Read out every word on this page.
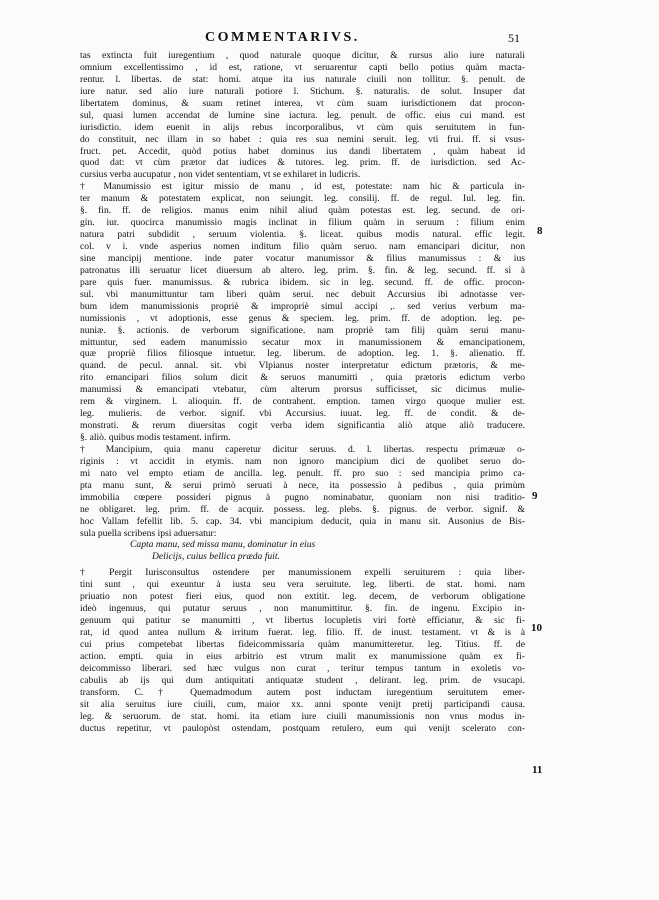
COMMENTARIVS.	51
tas extincta fuit iuregentium , quod naturale quoque dicitur, & rursus alio iure naturali
omnium excellentissimo , id est, ratione, vt seruarentur capti bello potius quàm macta-
rentur. l. libertas. de stat: homi. atque ita ius naturale ciuili non tollitur. §. penult. de
iure natur. sed alio iure naturali potiore l. Stichum. §. naturalis. de solut. Insuper dat
libertatem dominus, & suam retinet interea, vt cùm suam iurisdictionem dat procon-
sul, quasi lumen accendat de lumine sine iactura. leg. penult. de offic. eius cui mand. est
iurisdictio. idem euenit in alijs rebus incorporalibus, vt cùm quis seruitutem in fun-
do constituit, nec illam in so habet : quia res sua nemini seruit. leg. vti frui. ff. si vsus-
fruct. pet. Accedit, quòd potius habet dominus ius dandi libertatem , quàm habeat id
quod dat: vt cùm prætor dat iudices & tutores. leg. prim. ff. de iurisdiction. sed Ac-
cursius verba aucupatur , non videt sententiam, vt se exhilaret in ludicris.
† Manumissio est igitur missio de manu , id est, potestate: nam hic & particula in-
ter manum & potestatem explicat, non seiungit. leg. consilij. ff. de regul. Iul. leg. fin.
§. fin. ff. de religios. manus enim nihil aliud quàm potestas est. leg. secund. de ori-
gin. iur. quocirca manumissio magis inclinat in filium quàm in seruum : filium enim
natura patri subdidit , seruum violentia. §. liceat. quibus modis natural. effic legit.
col. v i. vnde asperius nomen inditum filio quàm seruo. nam emancipari dicitur, non
sine mancipij mentione. inde pater vocatur manumissor & filius manumissus : & ius
patronatus illi seruatur licet diuersum ab altero. leg. prim. §. fin. & leg. secund. ff. si à
pare quis fuer. manumissus. & rubrica ibidem. sic in leg. secund. ff. de offic. procon-
sul. vbi manumittuntur tam liberi quàm serui. nec debuit Accursius ibi adnotasse ver-
bum idem manumissionis propriè & impropriè simul accipi ,. sed verius verbum ma-
numissionis , vt adoptionis, esse genus & speciem. leg. prim. ff. de adoption. leg. pe-
nuniæ. §. actionis. de verborum significatione. nam propriè tam filij quàm serui manu-
mittuntur, sed eadem manumissio secatur mox in manumissionem & emancipationem,
quæ propriè filios filiosque intuetur. leg. liberum. de adoption. leg. 1. §. alienatio. ff.
quand. de pecul. annal. sit. vbi Vlpianus noster interpretatur edictum prætoris, & me-
rito emancipari filios solum dicit & seruos manumitti , quia prætoris edictum verbo
manumissi & emancipati vtebatur, cùm alterum prorsus sufficisset, sic dicimus mulie-
rem & virginem. l. alioquin. ff. de contrahent. emption. tamen virgo quoque mulier est.
leg. mulieris. de verbor. signif. vbi Accursius. iuuat. leg. ff. de condit. & de-
monstrati. & rerum diuersitas cogit verba idem significantia aliò atque aliò traducere.
§. aliò. quibus modis testament. infirm.
† Mancipium, quia manu caperetur dicitur seruus. d. l. libertas. respectu primæuæ o-
riginis : vt accidit in etymis. nam non ignoro mancipium dici de quolibet seruo do-
mi nato vel empto etiam de ancilla. leg. penult. ff. pro suo : sed mancipia primo ca-
pta manu sunt, & serui primò seruati à nece, ita possessio à pedibus , quia primùm
immobilia cœpere possideri pignus à pugno nominabatur, quoniam non nisi traditio-
ne obligaret. leg. prim. ff. de acquir. possess. leg. plebs. §. pignus. de verbor. signif. &
hoc Vallam fefellit lib. 5. cap. 34. vbi mancipium deducit, quia in manu sit. Ausonius de Bis-
sula puella scribens ipsi aduersatur:
Capta manu, sed missa manu, dominatur in eius
Delicijs, cuius bellica præda fuit.
† Pergit Iurisconsultus ostendere per manumissionem expelli seruiturem : quia liber-
tini sunt , qui exeuntur à iusta seu vera seruitute. leg. liberti. de stat. homi. nam
priuatio non potest fieri eius, quod non extitit. leg. decem, de verborum obligatione
ideò ingenuus, qui putatur seruus , non manumittitur. §. fin. de ingenu. Excipio in-
genuum qui patitur se manumitti , vt libertus locupletis viri fortè efficiatur, & sic fi-
rat, id quod antea nullum & irritum fuerat. leg. filio. ff. de inust. testament. vt & is à
cui prius competebat libertas fideicommissaria quàm manumitteretur. leg. Titius. ff. de
action. empti. quia in eius arbitrio est vtrum malit ex manumissione quàm ex fi-
deicommisso liberari. sed hæc vulgus non curat , teritur tempus tantum in exoletis vo-
cabulis ab ijs qui dum antiquitati antiquatæ student , delirant. leg. prim. de vsucapi.
transform. C. † Quemadmodum autem post inductam iuregentium seruitutem emer-
sit alia seruitus iure ciuili, cum, maior xx. anni sponte venijt pretij participandi causa.
leg. & seruorum. de stat. homi. ita etiam iure ciuili manumissionis non vnus modus in-
ductus repetitur, vt paulopòst ostendam, postquam retulero, eum qui venijt scelerato con-
8
9
10
11
